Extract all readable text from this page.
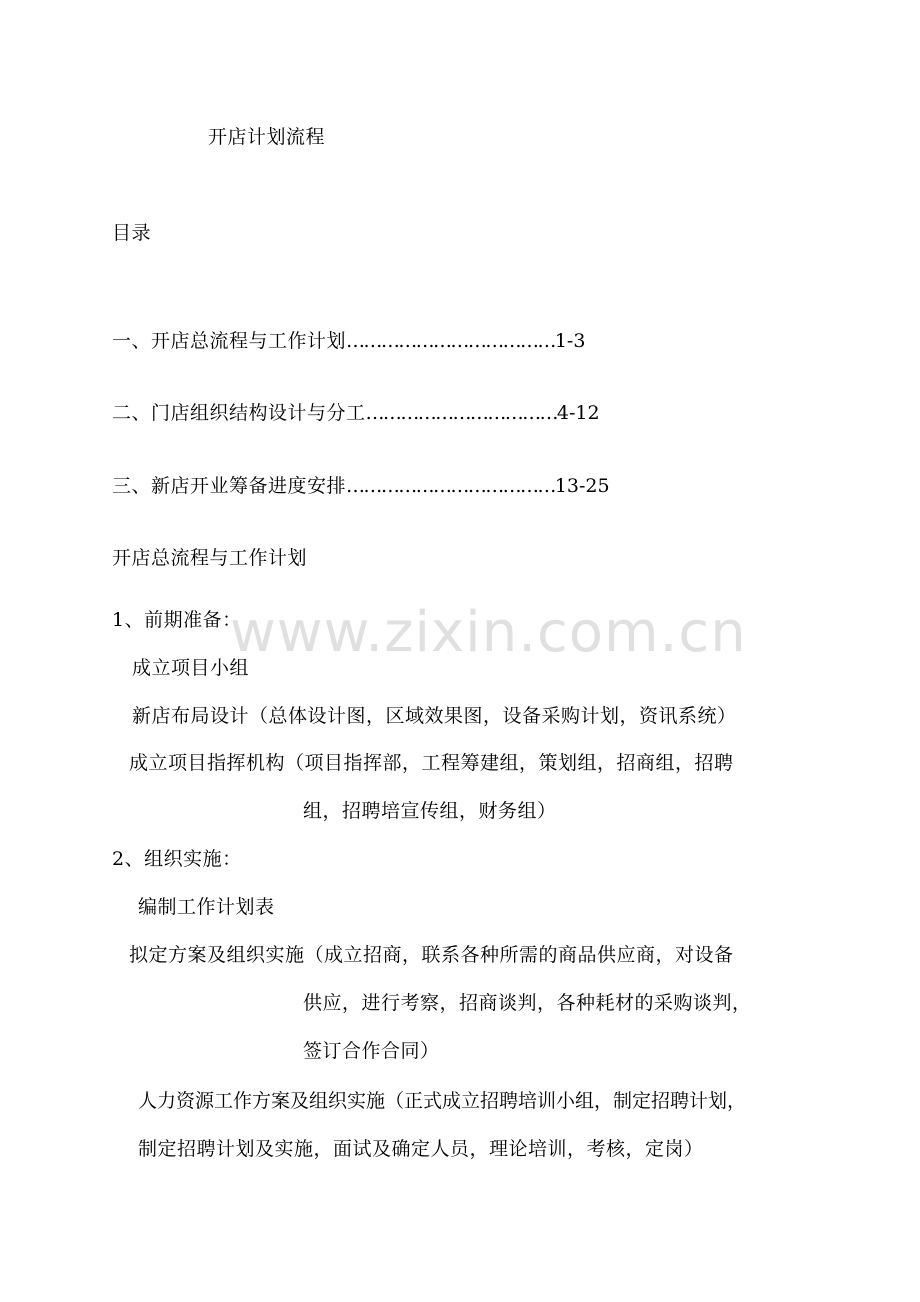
开店计划流程
目录
一、开店总流程与工作计划………………………………1-3
二、门店组织结构设计与分工……………………………4-12
三、新店开业筹备进度安排………………………………13-25
开店总流程与工作计划
www.zixin.com.cn
1、前期准备：
成立项目小组
新店布局设计（总体设计图，区域效果图，设备采购计划，资讯系统）
成立项目指挥机构（项目指挥部，工程筹建组，策划组，招商组，招聘
组，招聘培宣传组，财务组）
2、组织实施：
编制工作计划表
拟定方案及组织实施（成立招商，联系各种所需的商品供应商，对设备
供应，进行考察，招商谈判，各种耗材的采购谈判，
签订合作合同）
人力资源工作方案及组织实施（正式成立招聘培训小组，制定招聘计划，
制定招聘计划及实施，面试及确定人员，理论培训，考核，定岗）
